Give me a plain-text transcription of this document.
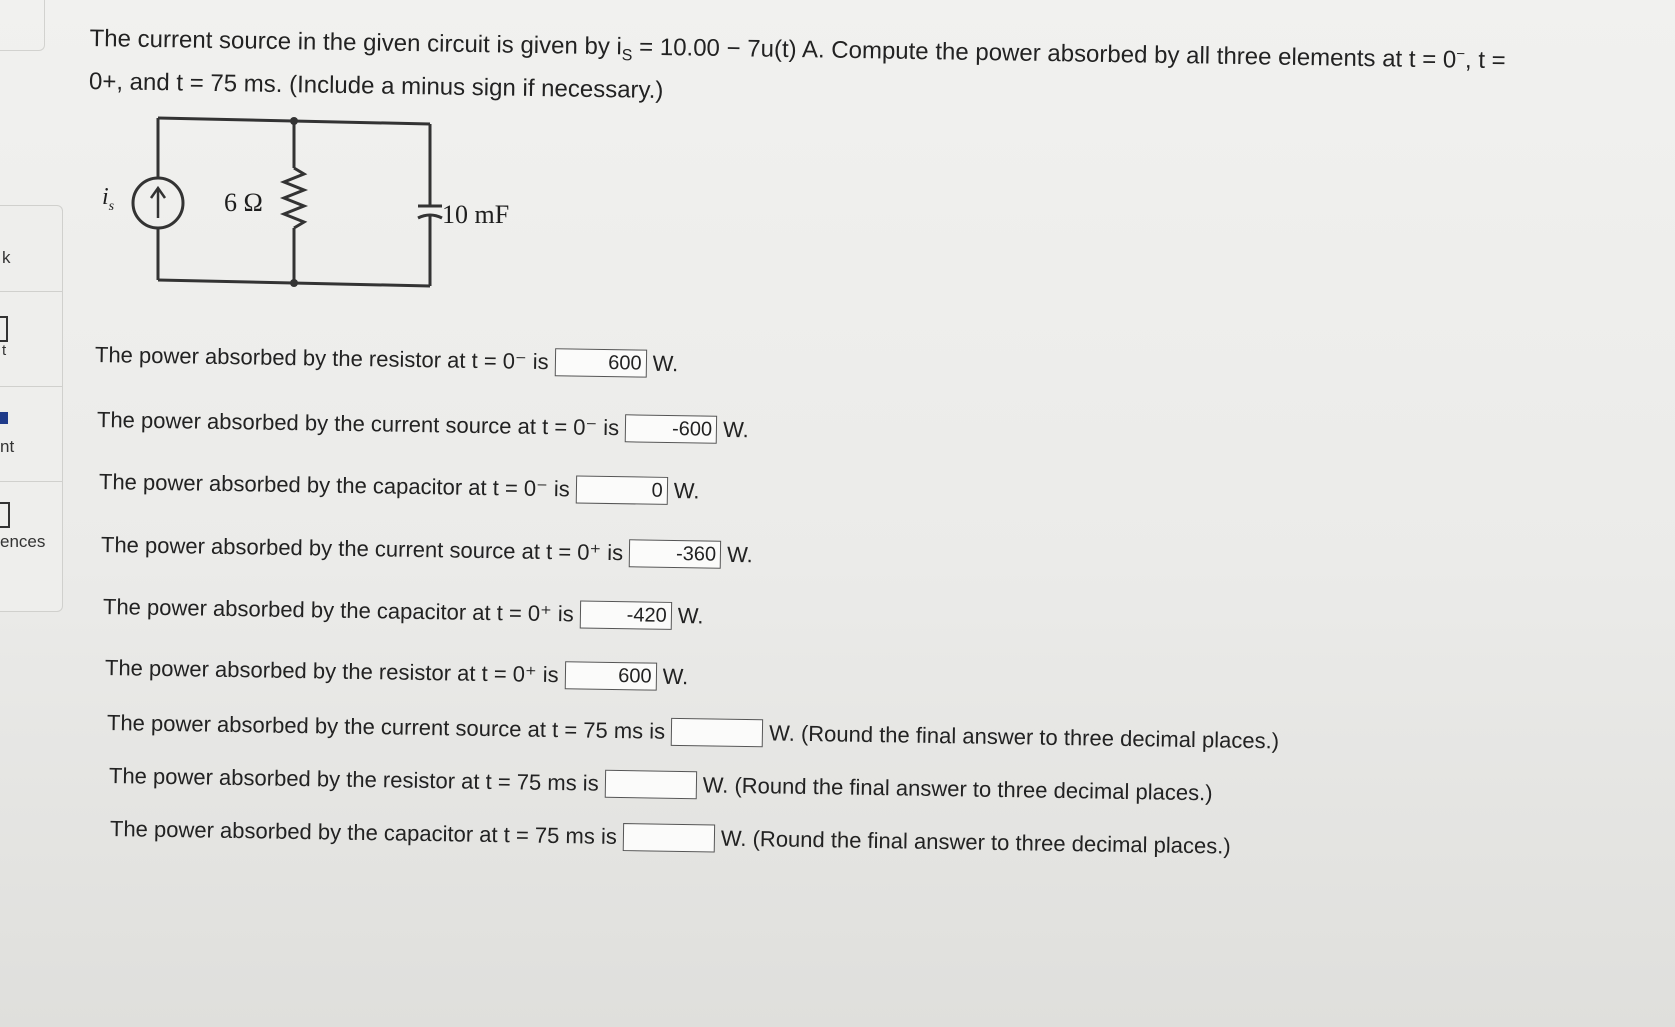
k
t
nt
ences
The current source in the given circuit is given by $i_S = 10.00 - 7u(t)$ A. Compute the power absorbed by all three elements at t = 0−, t =
0+, and t = 75 ms. (Include a minus sign if necessary.)
$i_s$	6 Ω	10 mF
The power absorbed by the resistor at t = 0⁻ is	600 W.
The power absorbed by the current source at t = 0⁻ is	-600 W.
The power absorbed by the capacitor at t = 0⁻ is	0 W.
The power absorbed by the current source at t = 0⁺ is	-360 W.
The power absorbed by the capacitor at t = 0⁺ is	-420 W.
The power absorbed by the resistor at t = 0⁺ is	600 W.
The power absorbed by the current source at t = 75 ms is	W. (Round the final answer to three decimal places.)
The power absorbed by the resistor at t = 75 ms is	W. (Round the final answer to three decimal places.)
The power absorbed by the capacitor at t = 75 ms is	W. (Round the final answer to three decimal places.)
